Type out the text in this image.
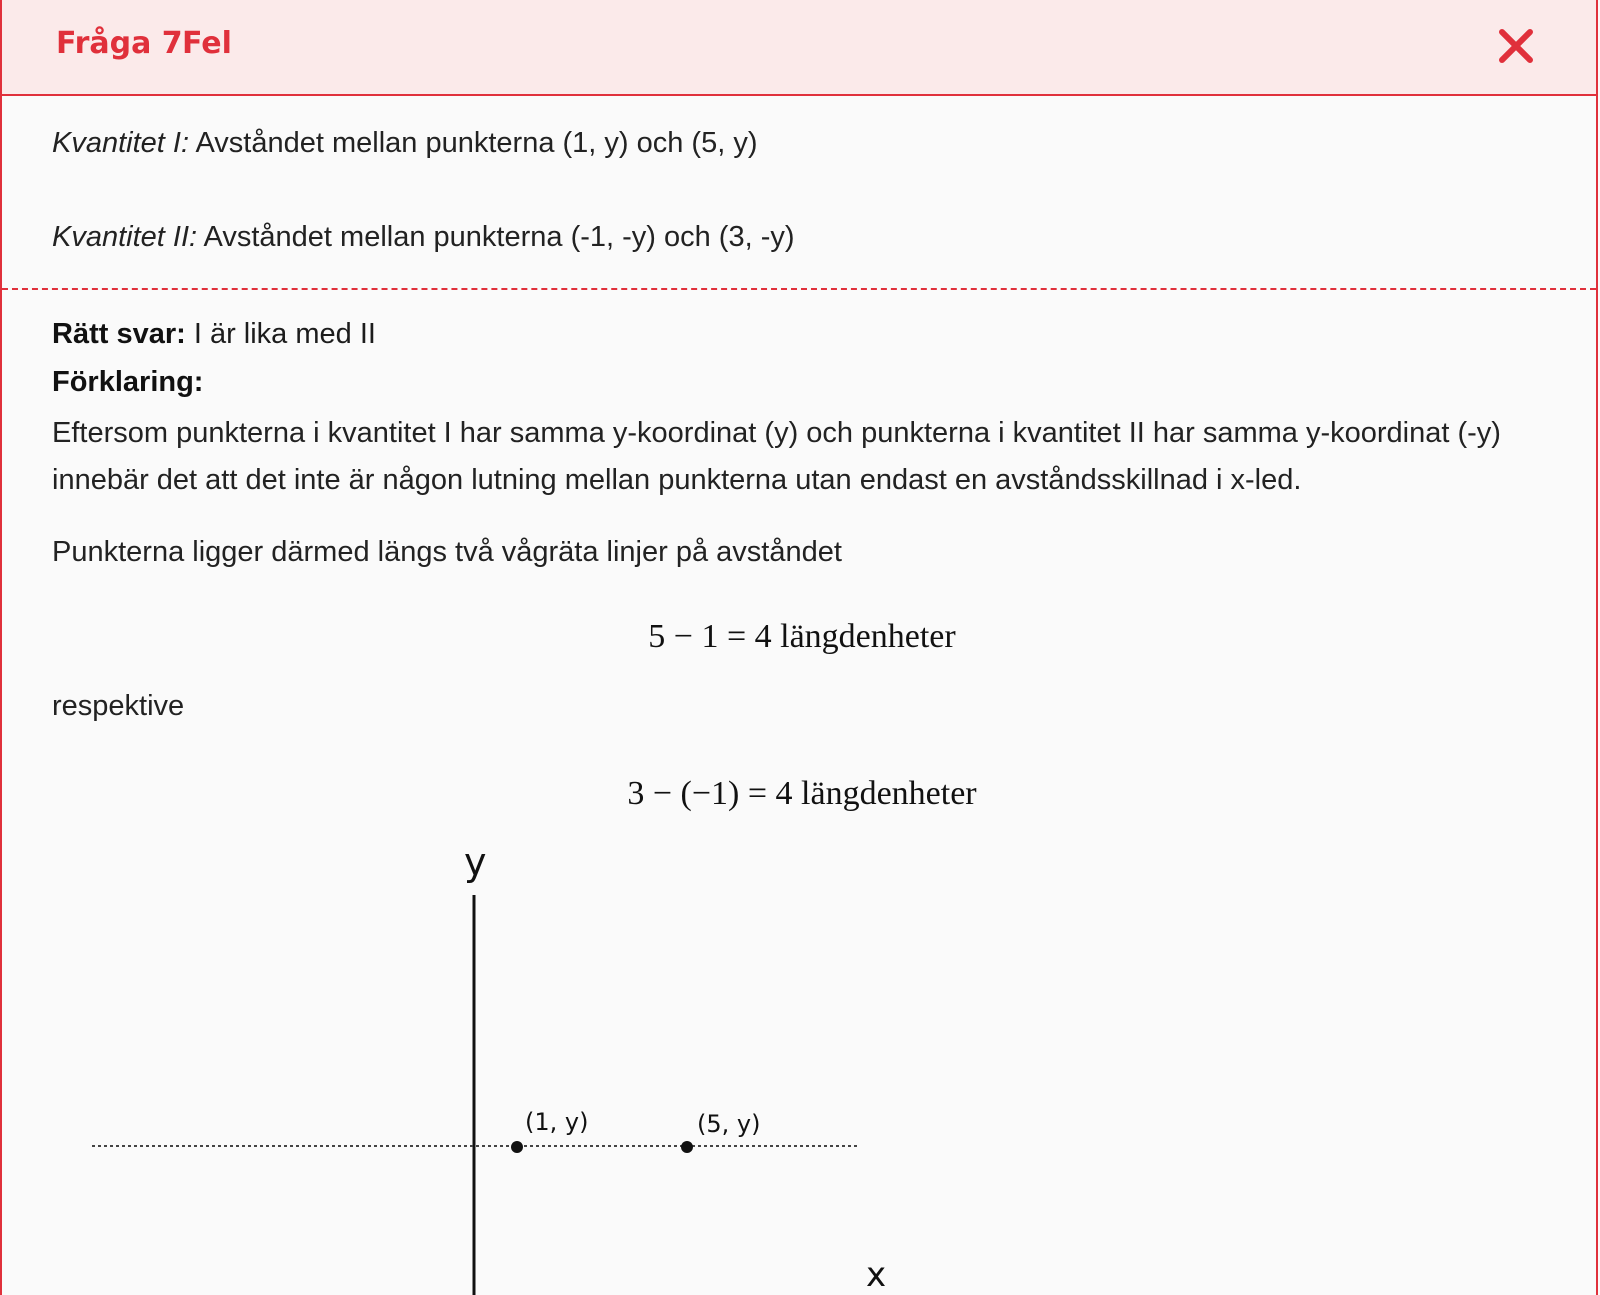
Fråga 7 Fel
Kvantitet I: Avståndet mellan punkterna (1, y) och (5, y)
Kvantitet II: Avståndet mellan punkterna (-1, -y) och (3, -y)
Rätt svar: I är lika med II
Förklaring:
Eftersom punkterna i kvantitet I har samma y-koordinat (y) och punkterna i kvantitet II har samma y-koordinat (-y) innebär det att det inte är någon lutning mellan punkterna utan endast en avståndsskillnad i x-led.
Punkterna ligger därmed längs två vågräta linjer på avståndet
5 − 1 = 4 längdenheter
respektive
3 − (−1) = 4 längdenheter
y
(1, y)	(5, y)
x
